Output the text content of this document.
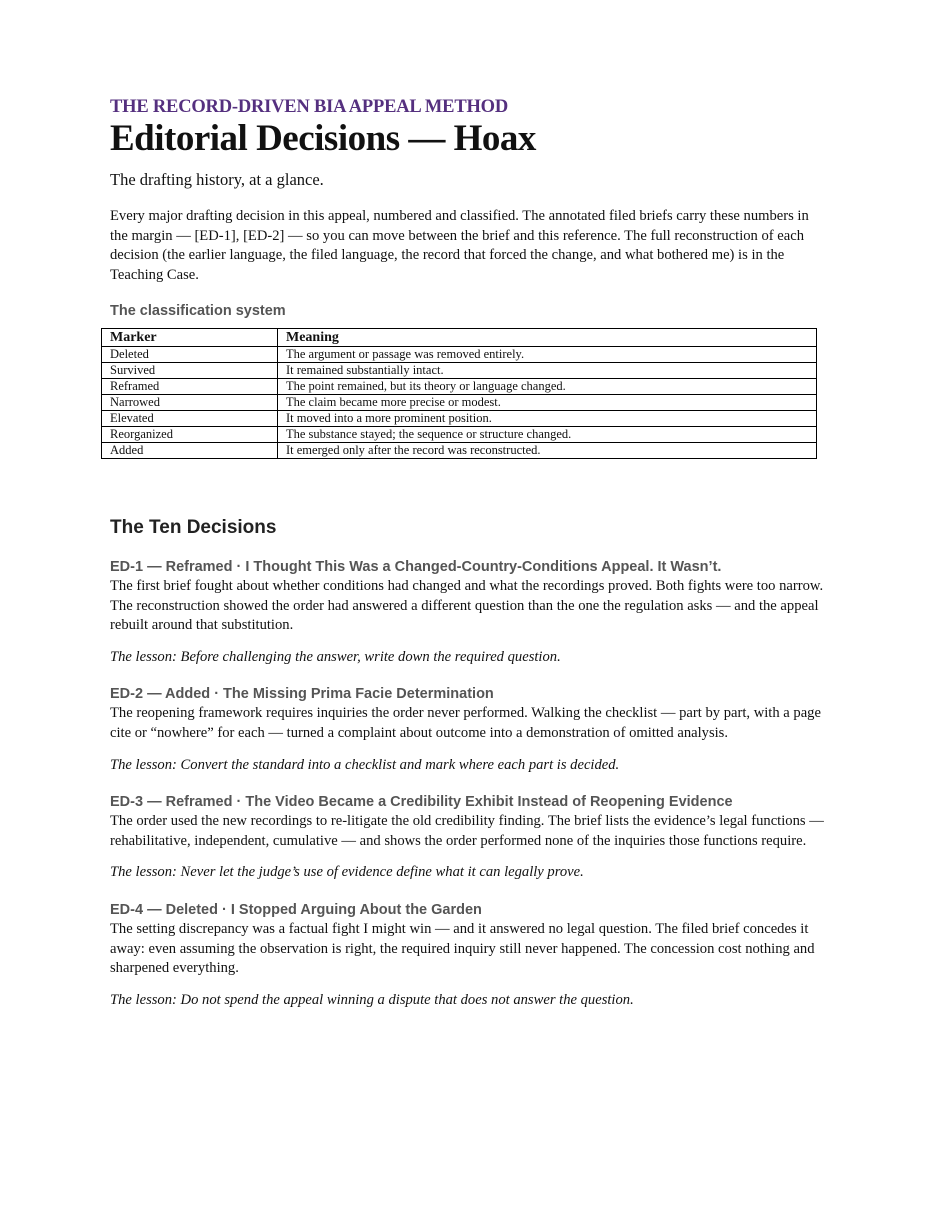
THE RECORD-DRIVEN BIA APPEAL METHOD
Editorial Decisions — Hoax
The drafting history, at a glance.
Every major drafting decision in this appeal, numbered and classified. The annotated filed briefs carry these numbers in the margin — [ED-1], [ED-2] — so you can move between the brief and this reference. The full reconstruction of each decision (the earlier language, the filed language, the record that forced the change, and what bothered me) is in the Teaching Case.
The classification system
Marker	Meaning
Deleted	The argument or passage was removed entirely.
Survived	It remained substantially intact.
Reframed	The point remained, but its theory or language changed.
Narrowed	The claim became more precise or modest.
Elevated	It moved into a more prominent position.
Reorganized	The substance stayed; the sequence or structure changed.
Added	It emerged only after the record was reconstructed.
The Ten Decisions
ED-1 — Reframed · I Thought This Was a Changed-Country-Conditions Appeal. It Wasn’t.
The first brief fought about whether conditions had changed and what the recordings proved. Both fights were too narrow. The reconstruction showed the order had answered a different question than the one the regulation asks — and the appeal rebuilt around that substitution.
The lesson: Before challenging the answer, write down the required question.
ED-2 — Added · The Missing Prima Facie Determination
The reopening framework requires inquiries the order never performed. Walking the checklist — part by part, with a page cite or “nowhere” for each — turned a complaint about outcome into a demonstration of omitted analysis.
The lesson: Convert the standard into a checklist and mark where each part is decided.
ED-3 — Reframed · The Video Became a Credibility Exhibit Instead of Reopening Evidence
The order used the new recordings to re-litigate the old credibility finding. The brief lists the evidence’s legal functions — rehabilitative, independent, cumulative — and shows the order performed none of the inquiries those functions require.
The lesson: Never let the judge’s use of evidence define what it can legally prove.
ED-4 — Deleted · I Stopped Arguing About the Garden
The setting discrepancy was a factual fight I might win — and it answered no legal question. The filed brief concedes it away: even assuming the observation is right, the required inquiry still never happened. The concession cost nothing and sharpened everything.
The lesson: Do not spend the appeal winning a dispute that does not answer the question.
